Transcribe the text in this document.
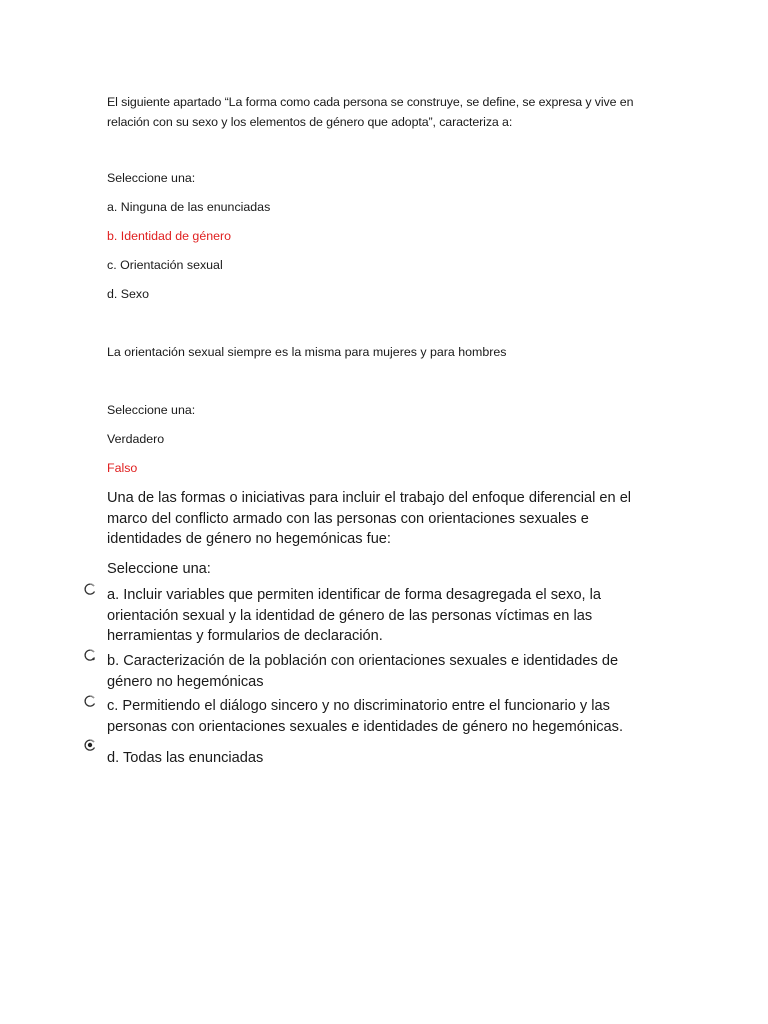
El siguiente apartado “La forma como cada persona se construye, se define, se expresa y vive en relación con su sexo y los elementos de género que adopta”, caracteriza a:
Seleccione una:
a. Ninguna de las enunciadas
b. Identidad de género
c. Orientación sexual
d. Sexo
La orientación sexual siempre es la misma para mujeres y para hombres
Seleccione una:
Verdadero
Falso
Una de las formas o iniciativas para incluir el trabajo del enfoque diferencial en el marco del conflicto armado con las personas con orientaciones sexuales e identidades de género no hegemónicas fue:
Seleccione una:
a. Incluir variables que permiten identificar de forma desagregada el sexo, la orientación sexual y la identidad de género de las personas víctimas en las herramientas y formularios de declaración.
b. Caracterización de la población con orientaciones sexuales e identidades de género no hegemónicas
c. Permitiendo el diálogo sincero y no discriminatorio entre el funcionario y las personas con orientaciones sexuales e identidades de género no hegemónicas.
d. Todas las enunciadas
